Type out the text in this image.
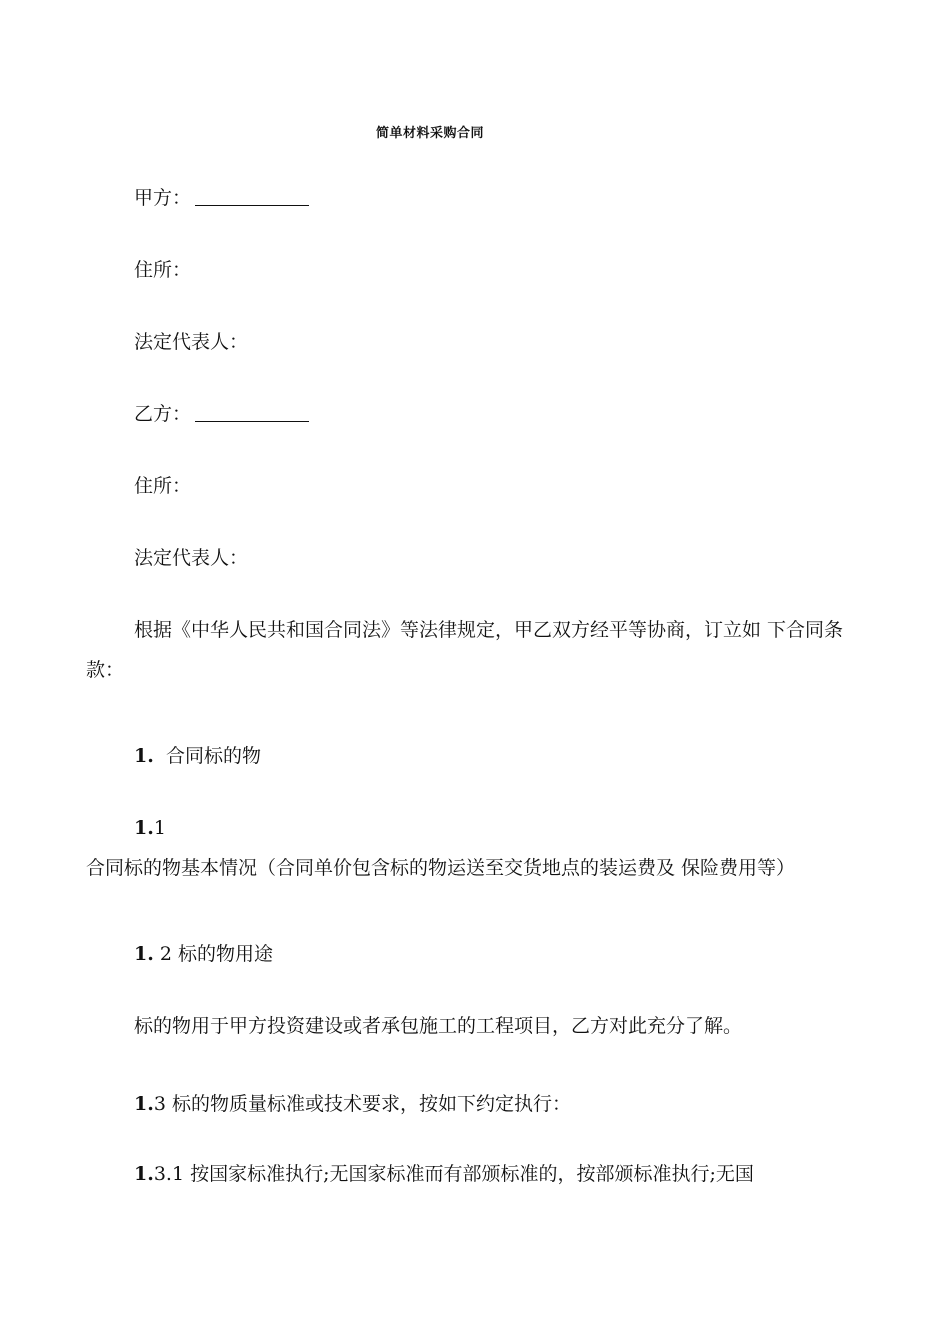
简单材料采购合同
甲方：
住所：
法定代表人：
乙方：
住所：
法定代表人：
根据《中华人民共和国合同法》等法律规定，甲乙双方经平等协商，订立如 下合同条款：
1. 合同标的物
1.1 合同标的物基本情况（合同单价包含标的物运送至交货地点的装运费及 保险费用等）
1. 2 标的物用途
标的物用于甲方投资建设或者承包施工的工程项目，乙方对此充分了解。
1.3 标的物质量标准或技术要求，按如下约定执行：
1.3.1 按国家标准执行;无国家标准而有部颁标准的，按部颁标准执行;无国
